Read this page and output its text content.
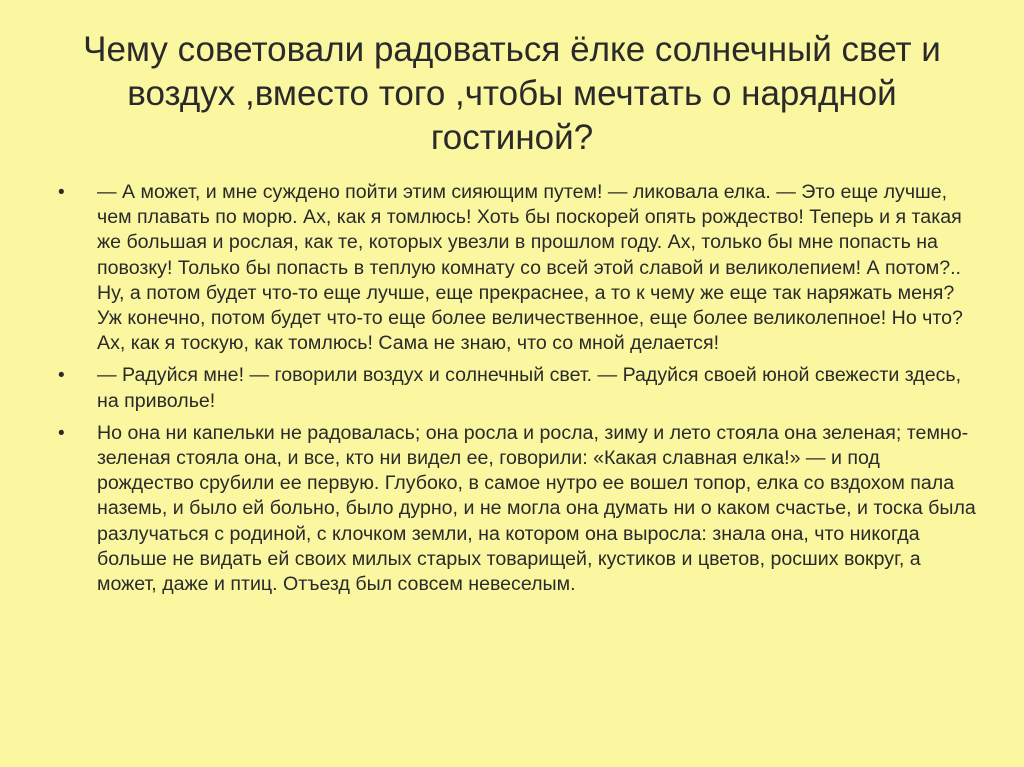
Чему советовали радоваться ёлке солнечный свет и воздух ,вместо того ,чтобы мечтать о нарядной гостиной?
• — А может, и мне суждено пойти этим сияющим путем! — ликовала елка. — Это еще лучше, чем плавать по морю. Ах, как я томлюсь! Хоть бы поскорей опять рождество! Теперь и я такая же большая и рослая, как те, которых увезли в прошлом году. Ах, только бы мне попасть на повозку! Только бы попасть в теплую комнату со всей этой славой и великолепием! А потом?.. Ну, а потом будет что-то еще лучше, еще прекраснее, а то к чему же еще так наряжать меня? Уж конечно, потом будет что-то еще более величественное, еще более великолепное! Но что? Ах, как я тоскую, как томлюсь! Сама не знаю, что со мной делается!
• — Радуйся мне! — говорили воздух и солнечный свет. — Радуйся своей юной свежести здесь, на приволье!
• Но она ни капельки не радовалась; она росла и росла, зиму и лето стояла она зеленая; темно-зеленая стояла она, и все, кто ни видел ее, говорили: «Какая славная елка!» — и под рождество срубили ее первую. Глубоко, в самое нутро ее вошел топор, елка со вздохом пала наземь, и было ей больно, было дурно, и не могла она думать ни о каком счастье, и тоска была разлучаться с родиной, с клочком земли, на котором она выросла: знала она, что никогда больше не видать ей своих милых старых товарищей, кустиков и цветов, росших вокруг, а может, даже и птиц. Отъезд был совсем невеселым.
